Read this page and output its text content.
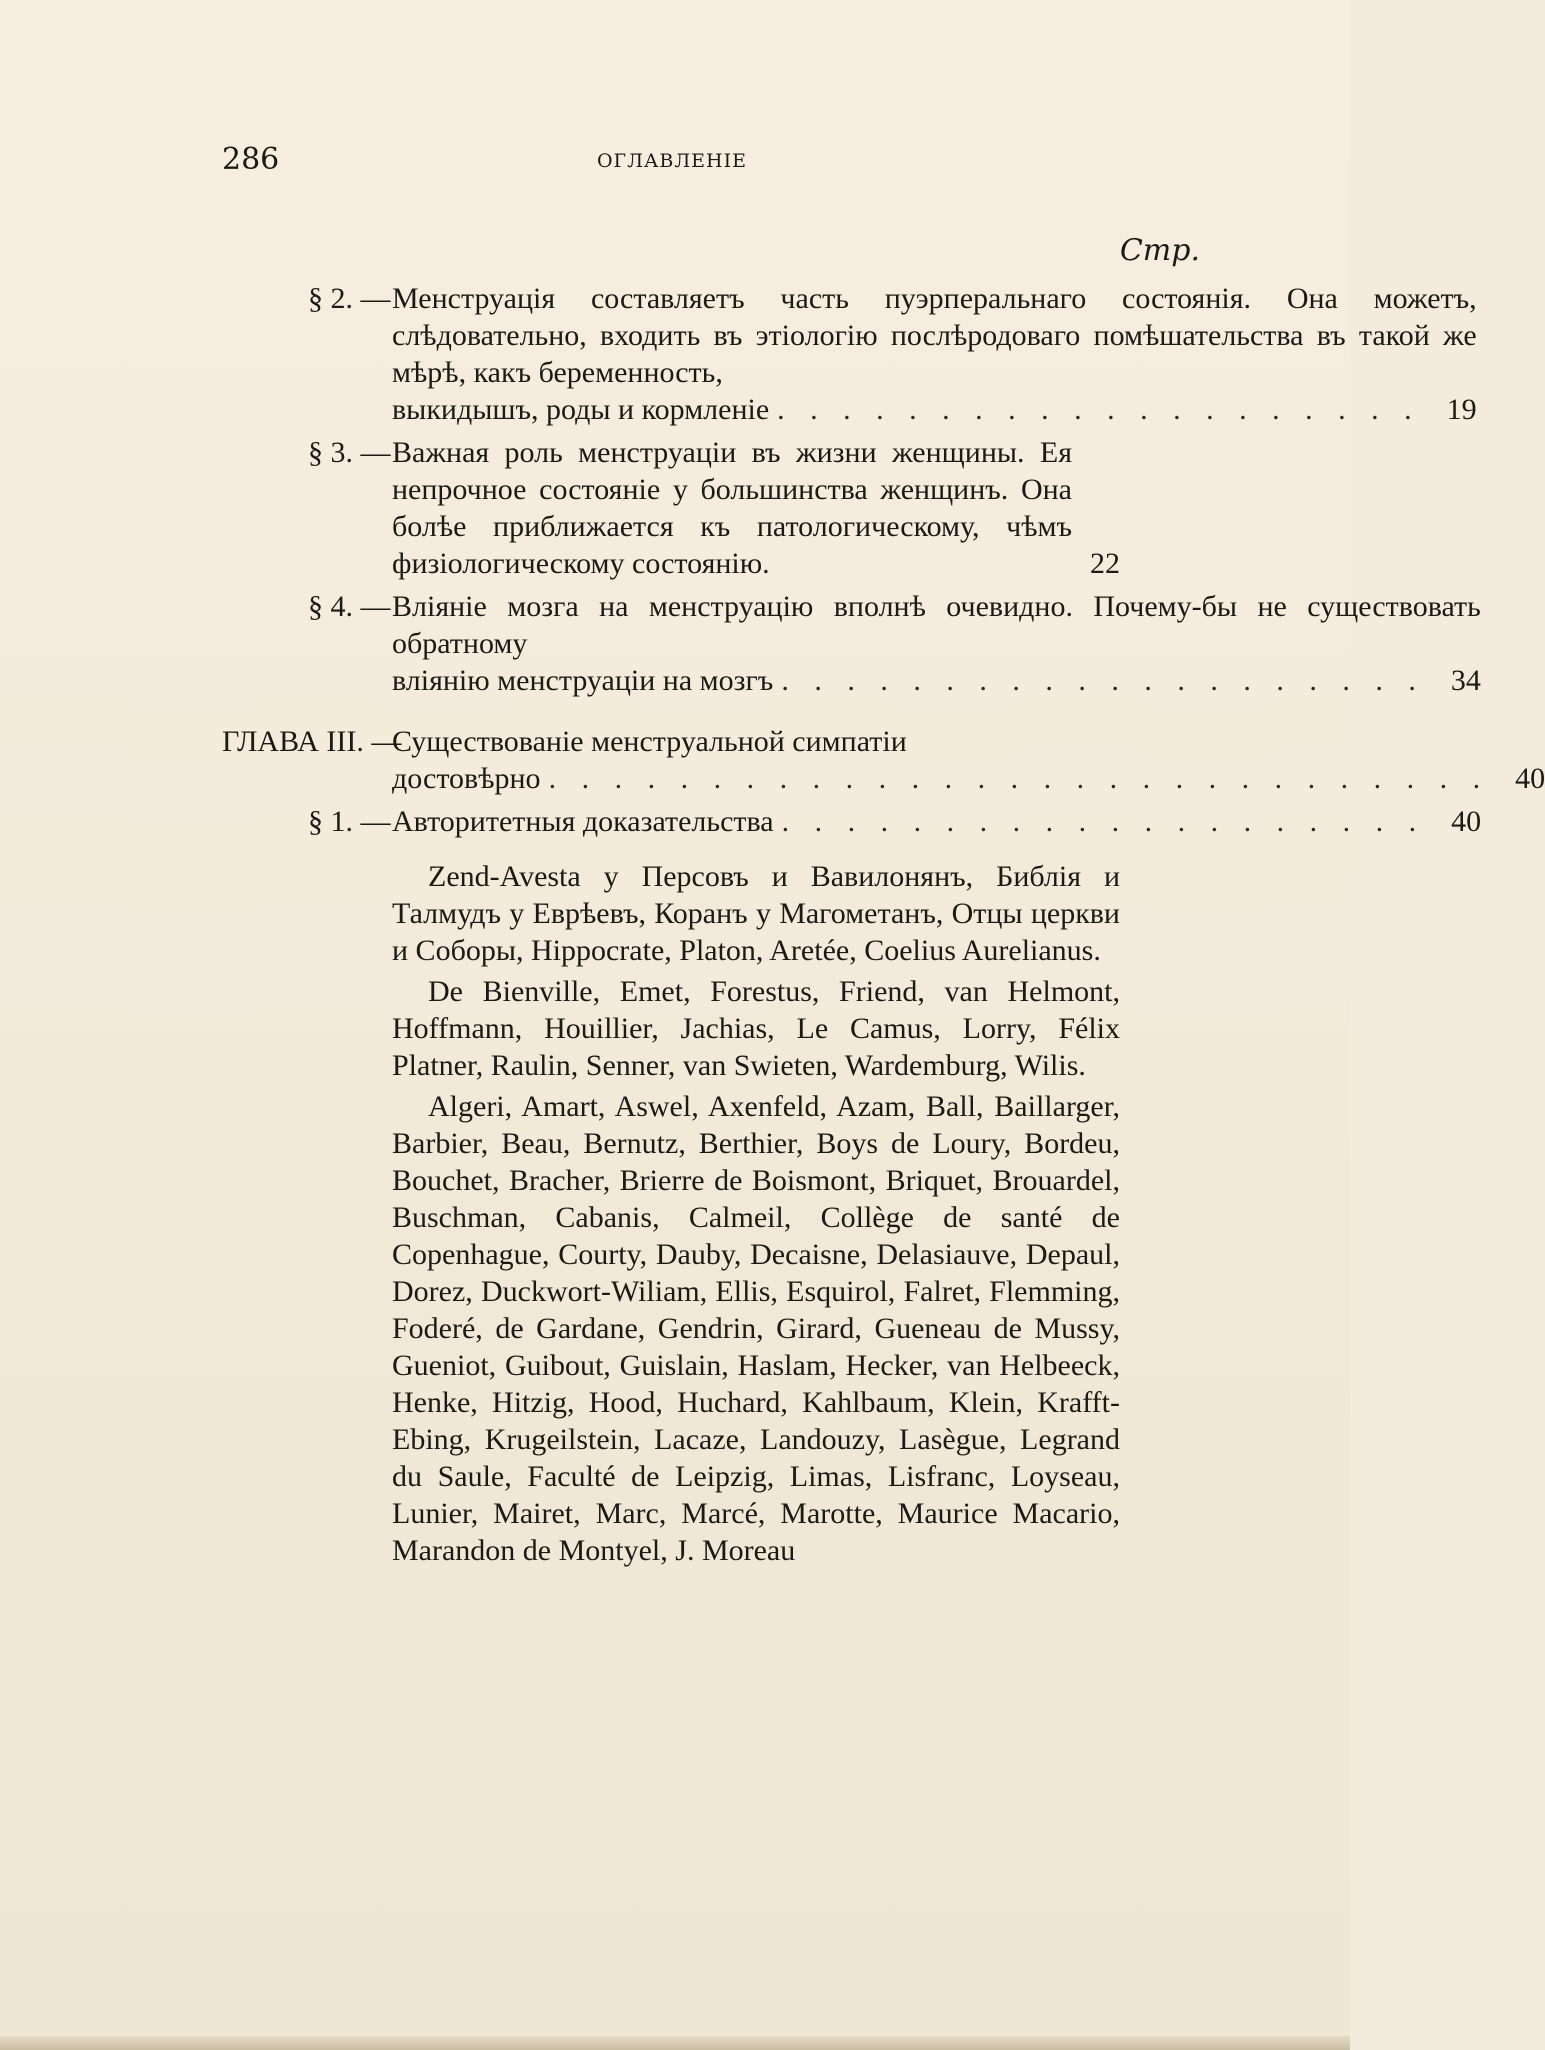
286	ОГЛАВЛЕНІЕ
Стр.
§ 2. — Менструація составляетъ часть пуэрперальнаго состоянія. Она можетъ, слѣдовательно, входить въ этіологію послѣродоваго помѣшательства въ такой же мѣрѣ, какъ беременность,
выкидышъ, роды и кормленіе . . . . . . . . . . . . . . . . . . . . 19
§ 3. — Важная роль менструаціи въ жизни женщины. Ея непрочное состояніе у большинства женщинъ. Она болѣе приближается къ патологическому, чѣмъ физіологическому состоянію.	22
§ 4. — Вліяніе мозга на менструацію вполнѣ очевидно. Почему-бы не существовать обратному
вліянію менструаціи на мозгъ . . . . . . . . . . . . . . . . . . . . 34
ГЛАВА III. —
Существованіе менструальной симпатіи
достовѣрно . . . . . . . . . . . . . . . . . . . . . . . . . . . . . 40
§ 1. — Авторитетныя доказательства . . . . . . . . . . . . . . . . . . . . 40

Zend-Avesta у Персовъ и Вавилонянъ, Библія и Талмудъ у Еврѣевъ, Коранъ у Магометанъ, Отцы церкви и Соборы, Hippocrate, Platon, Aretée, Coelius Aurelianus.

De Bienville, Emet, Forestus, Friend, van Helmont, Hoffmann, Houillier, Jachias, Le Camus, Lorry, Félix Platner, Raulin, Senner, van Swieten, Wardemburg, Wilis.

Algeri, Amart, Aswel, Axenfeld, Azam, Ball, Baillarger, Barbier, Beau, Bernutz, Berthier, Boys de Loury, Bordeu, Bouchet, Bracher, Brierre de Boismont, Briquet, Brouardel, Buschman, Cabanis, Calmeil, Collège de santé de Copenhague, Courty, Dauby, Decaisne, Delasiauve, Depaul, Dorez, Duckwort-Wiliam, Ellis, Esquirol, Falret, Flemming, Foderé, de Gardane, Gendrin, Girard, Gueneau de Mussy, Gueniot, Guibout, Guislain, Haslam, Hecker, van Helbeeck, Henke, Hitzig, Hood, Huchard, Kahlbaum, Klein, Krafft-Ebing, Krugeilstein, Lacaze, Landouzy, Lasègue, Legrand du Saule, Faculté de Leipzig, Limas, Lisfranc, Loyseau, Lunier, Mairet, Marc, Marcé, Marotte, Maurice Macario, Marandon de Montyel, J. Moreau
